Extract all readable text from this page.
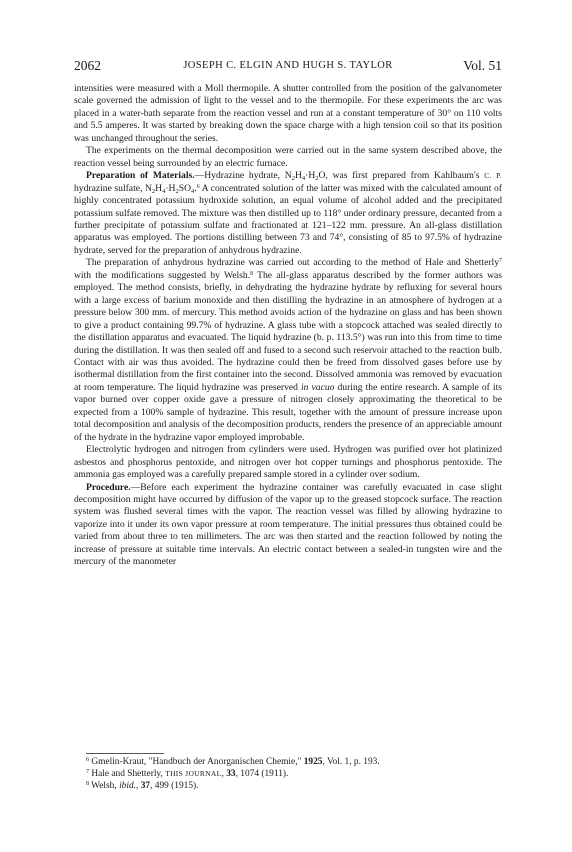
2062	JOSEPH C. ELGIN AND HUGH S. TAYLOR	Vol. 51

intensities were measured with a Moll thermopile. A shutter controlled from the position of the galvanometer scale governed the admission of light to the vessel and to the thermopile. For these experiments the arc was placed in a water-bath separate from the reaction vessel and run at a constant temperature of 30° on 110 volts and 5.5 amperes. It was started by breaking down the space charge with a high tension coil so that its position was unchanged throughout the series.

The experiments on the thermal decomposition were carried out in the same system described above, the reaction vessel being surrounded by an electric furnace.

Preparation of Materials.—Hydrazine hydrate, $N_2H_4\cdot H_2O$, was first prepared from Kahlbaum's C. P. hydrazine sulfate, $N_2H_4\cdot H_2SO_4.^6$ A concentrated solution of the latter was mixed with the calculated amount of highly concentrated potassium hydroxide solution, an equal volume of alcohol added and the precipitated potassium sulfate removed. The mixture was then distilled up to 118° under ordinary pressure, decanted from a further precipitate of potassium sulfate and fractionated at 121–122 mm. pressure. An all-glass distillation apparatus was employed. The portions distilling between 73 and 74°, consisting of 85 to 97.5% of hydrazine hydrate, served for the preparation of anhydrous hydrazine.

The preparation of anhydrous hydrazine was carried out according to the method of Hale and Shetterly$^7$ with the modifications suggested by Welsh.$^8$ The all-glass apparatus described by the former authors was employed. The method consists, briefly, in dehydrating the hydrazine hydrate by refluxing for several hours with a large excess of barium monoxide and then distilling the hydrazine in an atmosphere of hydrogen at a pressure below 300 mm. of mercury. This method avoids action of the hydrazine on glass and has been shown to give a product containing 99.7% of hydrazine. A glass tube with a stopcock attached was sealed directly to the distillation apparatus and evacuated. The liquid hydrazine (b. p. 113.5°) was run into this from time to time during the distillation. It was then sealed off and fused to a second such reservoir attached to the reaction bulb. Contact with air was thus avoided. The hydrazine could then be freed from dissolved gases before use by isothermal distillation from the first container into the second. Dissolved ammonia was removed by evacuation at room temperature. The liquid hydrazine was preserved in vacuo during the entire research. A sample of its vapor burned over copper oxide gave a pressure of nitrogen closely approximating the theoretical to be expected from a 100% sample of hydrazine. This result, together with the amount of pressure increase upon total decomposition and analysis of the decomposition products, renders the presence of an appreciable amount of the hydrate in the hydrazine vapor employed improbable.

Electrolytic hydrogen and nitrogen from cylinders were used. Hydrogen was purified over hot platinized asbestos and phosphorus pentoxide, and nitrogen over hot copper turnings and phosphorus pentoxide. The ammonia gas employed was a carefully prepared sample stored in a cylinder over sodium.

Procedure.—Before each experiment the hydrazine container was carefully evacuated in case slight decomposition might have occurred by diffusion of the vapor up to the greased stopcock surface. The reaction system was flushed several times with the vapor. The reaction vessel was filled by allowing hydrazine to vaporize into it under its own vapor pressure at room temperature. The initial pressures thus obtained could be varied from about three to ten millimeters. The arc was then started and the reaction followed by noting the increase of pressure at suitable time intervals. An electric contact between a sealed-in tungsten wire and the mercury of the manometer

$^6$ Gmelin-Kraut, "Handbuch der Anorganischen Chemie," 1925, Vol. 1, p. 193.
$^7$ Hale and Shetterly, THIS JOURNAL, 33, 1074 (1911).
$^8$ Welsh, ibid., 37, 499 (1915).
